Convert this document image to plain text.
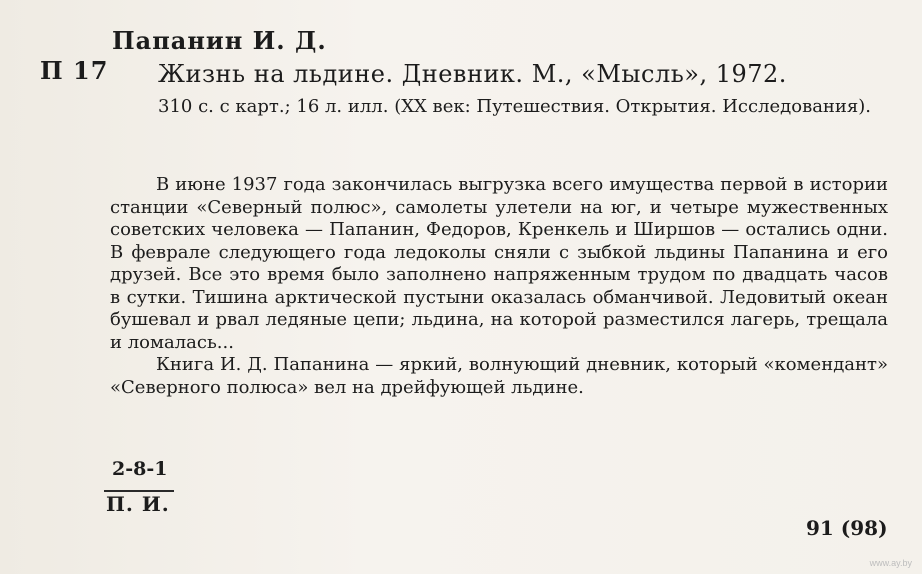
Папанин И. Д.
П 17 Жизнь на льдине. Дневник. М., «Мысль», 1972.
310 с. с карт.; 16 л. илл. (XX век: Путешествия. Открытия. Исследования).

В июне 1937 года закончилась выгрузка всего имущества первой в истории станции «Северный полюс», самолеты улетели на юг, и четыре мужественных советских человека — Папанин, Федоров, Кренкель и Ширшов — остались одни. В феврале следующего года ледоколы сняли с зыбкой льдины Папанина и его друзей. Все это время было заполнено напряженным трудом по двадцать часов в сутки. Тишина арктической пустыни оказалась обманчивой. Ледовитый океан бушевал и рвал ледяные цепи; льдина, на которой разместился лагерь, трещала и ломалась...

Книга И. Д. Папанина — яркий, волнующий дневник, который «комендант» «Северного полюса» вел на дрейфующей льдине.

2-8-1
П. И.
91 (98)
www.ay.by
